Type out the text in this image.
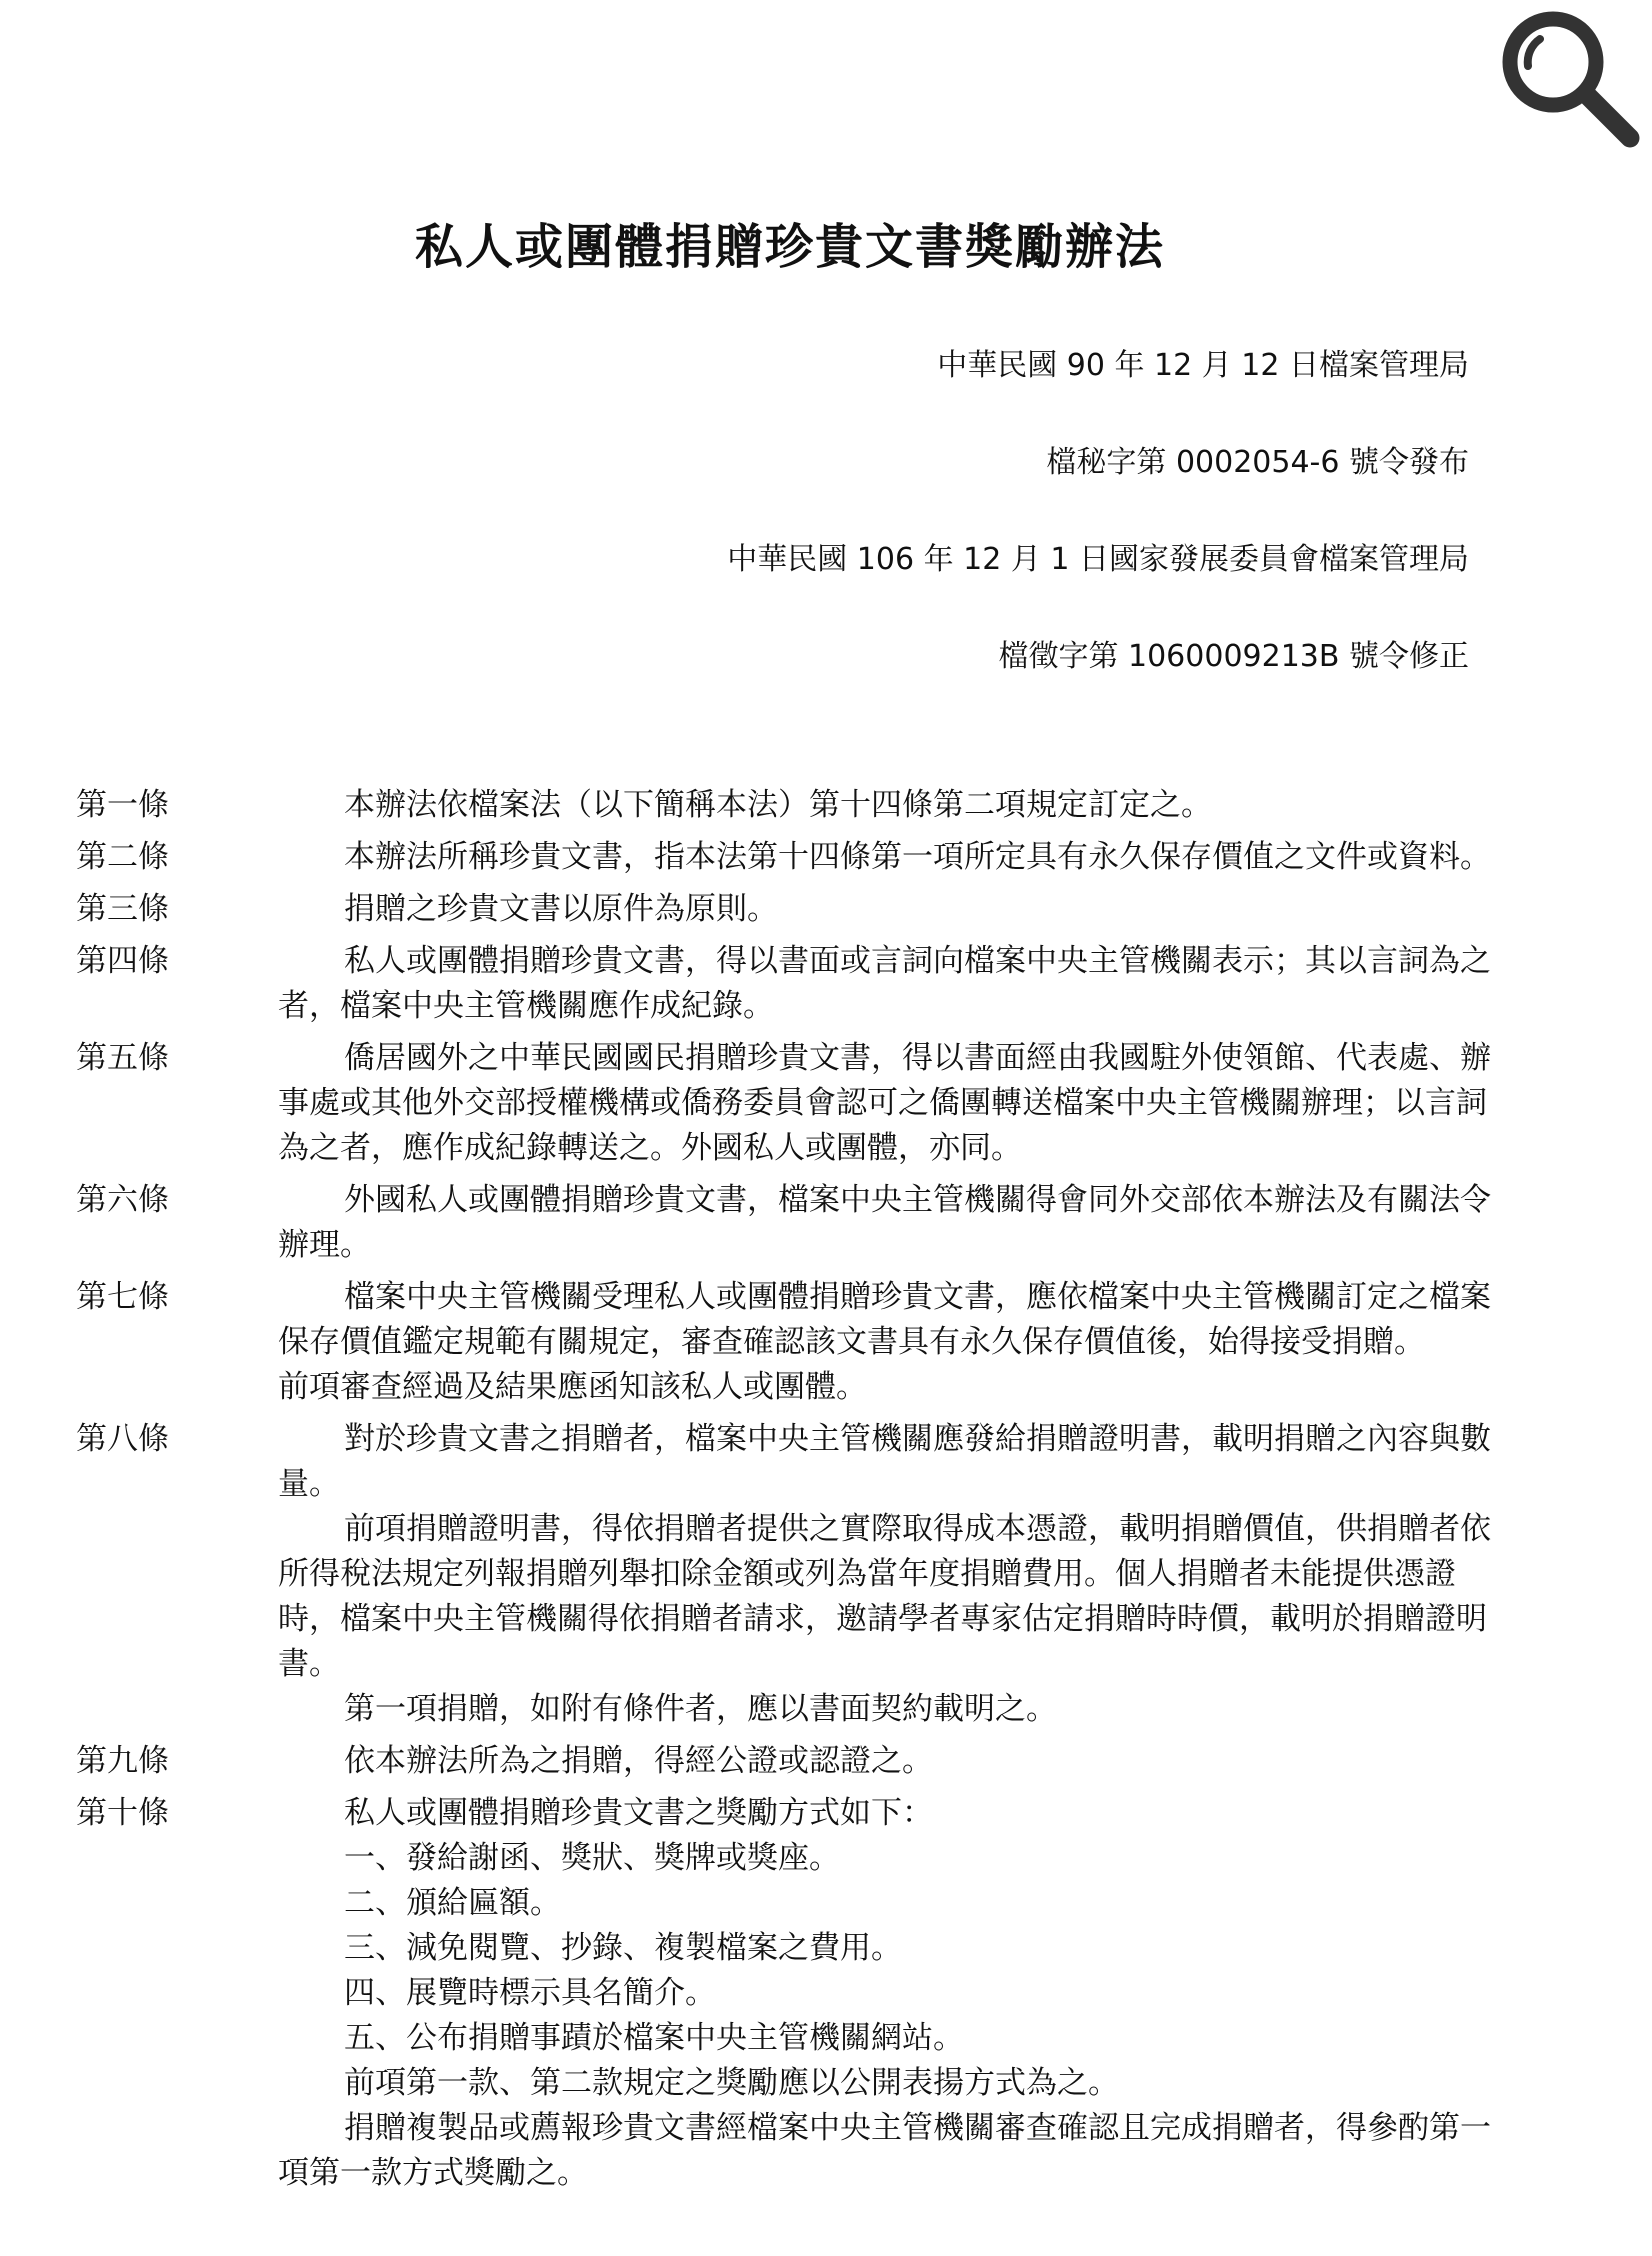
私人或團體捐贈珍貴文書獎勵辦法
中華民國 90 年 12 月 12 日檔案管理局
檔秘字第 0002054-6 號令發布
中華民國 106 年 12 月 1 日國家發展委員會檔案管理局
檔徵字第 1060009213B 號令修正
第一條	本辦法依檔案法（以下簡稱本法）第十四條第二項規定訂定之。
第二條	本辦法所稱珍貴文書，指本法第十四條第一項所定具有永久保存價值之文件或資料。
第三條	捐贈之珍貴文書以原件為原則。
第四條	私人或團體捐贈珍貴文書，得以書面或言詞向檔案中央主管機關表示；其以言詞為之者，檔案中央主管機關應作成紀錄。
第五條	僑居國外之中華民國國民捐贈珍貴文書，得以書面經由我國駐外使領館、代表處、辦事處或其他外交部授權機構或僑務委員會認可之僑團轉送檔案中央主管機關辦理；以言詞為之者，應作成紀錄轉送之。外國私人或團體，亦同。
第六條	外國私人或團體捐贈珍貴文書，檔案中央主管機關得會同外交部依本辦法及有關法令辦理。
第七條	檔案中央主管機關受理私人或團體捐贈珍貴文書，應依檔案中央主管機關訂定之檔案保存價值鑑定規範有關規定，審查確認該文書具有永久保存價值後，始得接受捐贈。
前項審查經過及結果應函知該私人或團體。
第八條	對於珍貴文書之捐贈者，檔案中央主管機關應發給捐贈證明書，載明捐贈之內容與數量。
前項捐贈證明書，得依捐贈者提供之實際取得成本憑證，載明捐贈價值，供捐贈者依所得稅法規定列報捐贈列舉扣除金額或列為當年度捐贈費用。個人捐贈者未能提供憑證時，檔案中央主管機關得依捐贈者請求，邀請學者專家估定捐贈時時價，載明於捐贈證明書。
第一項捐贈，如附有條件者，應以書面契約載明之。
第九條	依本辦法所為之捐贈，得經公證或認證之。
第十條	私人或團體捐贈珍貴文書之獎勵方式如下：
一、發給謝函、獎狀、獎牌或獎座。
二、頒給匾額。
三、減免閱覽、抄錄、複製檔案之費用。
四、展覽時標示具名簡介。
五、公布捐贈事蹟於檔案中央主管機關網站。
前項第一款、第二款規定之獎勵應以公開表揚方式為之。
捐贈複製品或薦報珍貴文書經檔案中央主管機關審查確認且完成捐贈者，得參酌第一項第一款方式獎勵之。
